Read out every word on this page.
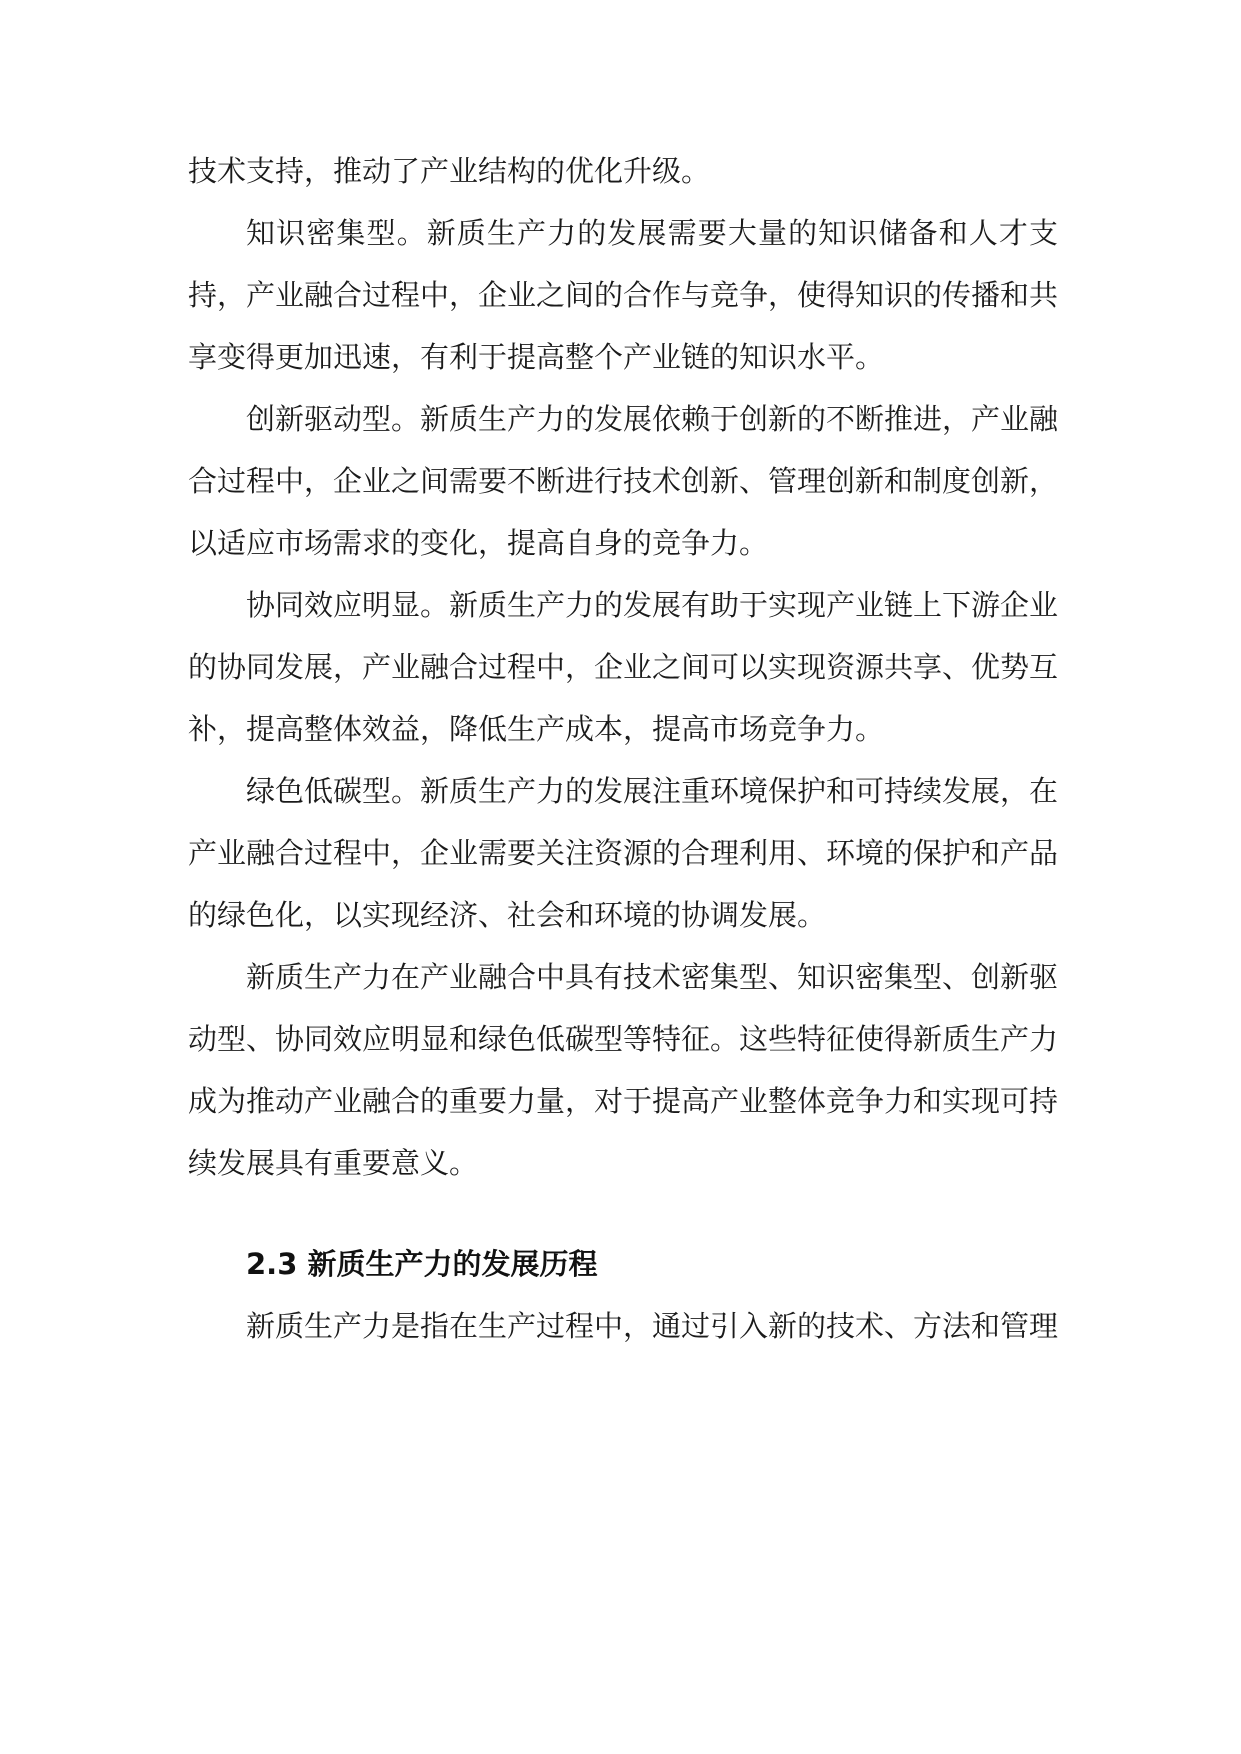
技术支持，推动了产业结构的优化升级。

知识密集型。新质生产力的发展需要大量的知识储备和人才支持，产业融合过程中，企业之间的合作与竞争，使得知识的传播和共享变得更加迅速，有利于提高整个产业链的知识水平。

创新驱动型。新质生产力的发展依赖于创新的不断推进，产业融合过程中，企业之间需要不断进行技术创新、管理创新和制度创新，以适应市场需求的变化，提高自身的竞争力。

协同效应明显。新质生产力的发展有助于实现产业链上下游企业的协同发展，产业融合过程中，企业之间可以实现资源共享、优势互补，提高整体效益，降低生产成本，提高市场竞争力。

绿色低碳型。新质生产力的发展注重环境保护和可持续发展，在产业融合过程中，企业需要关注资源的合理利用、环境的保护和产品的绿色化，以实现经济、社会和环境的协调发展。

新质生产力在产业融合中具有技术密集型、知识密集型、创新驱动型、协同效应明显和绿色低碳型等特征。这些特征使得新质生产力成为推动产业融合的重要力量，对于提高产业整体竞争力和实现可持续发展具有重要意义。

2.3 新质生产力的发展历程

新质生产力是指在生产过程中，通过引入新的技术、方法和管理
